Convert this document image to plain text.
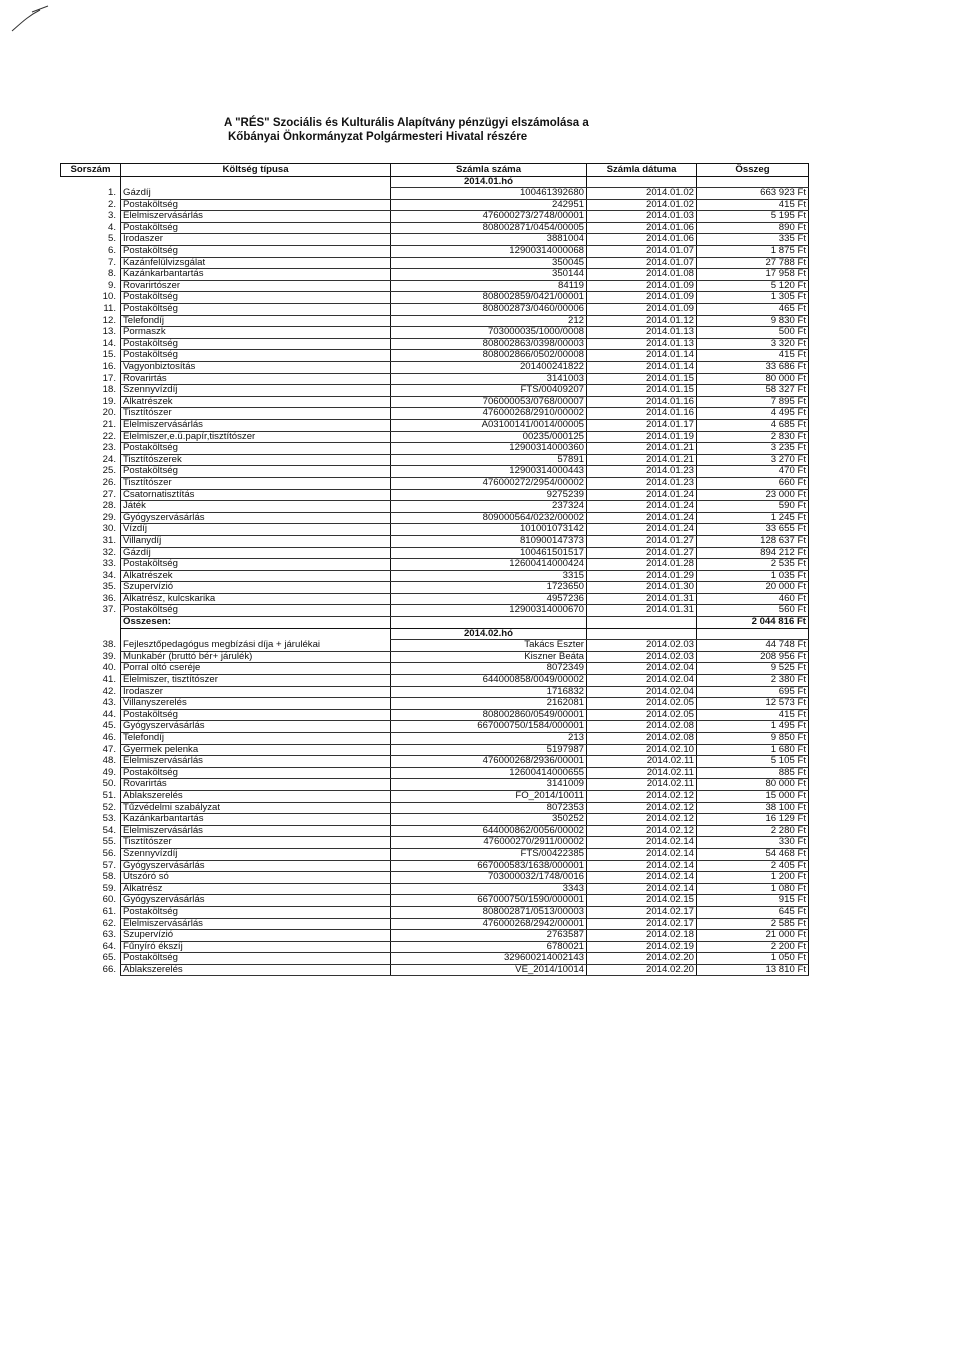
A "RÉS" Szociális és Kulturális Alapítvány pénzügyi elszámolása a
Kőbányai Önkormányzat Polgármesteri Hivatal részére
Sorszám	Költség típusa	Számla száma	Számla dátuma	Összeg
		2014.01.hó		
1.	Gázdíj	100461392680	2014.01.02	663 923 Ft
2.	Postaköltség	242951	2014.01.02	415 Ft
3.	Élelmiszervásárlás	476000273/2748/00001	2014.01.03	5 195 Ft
4.	Postaköltség	808002871/0454/00005	2014.01.06	890 Ft
5.	Irodaszer	3881004	2014.01.06	335 Ft
6.	Postaköltség	12900314000068	2014.01.07	1 875 Ft
7.	Kazánfelülvizsgálat	350045	2014.01.07	27 788 Ft
8.	Kazánkarbantartás	350144	2014.01.08	17 958 Ft
9.	Rovarirtószer	84119	2014.01.09	5 120 Ft
10.	Postaköltség	808002859/0421/00001	2014.01.09	1 305 Ft
11.	Postaköltség	808002873/0460/00006	2014.01.09	465 Ft
12.	Telefondíj	212	2014.01.12	9 830 Ft
13.	Pormaszk	703000035/1000/0008	2014.01.13	500 Ft
14.	Postaköltség	808002863/0398/00003	2014.01.13	3 320 Ft
15.	Postaköltség	808002866/0502/00008	2014.01.14	415 Ft
16.	Vagyonbiztosítás	201400241822	2014.01.14	33 686 Ft
17.	Rovarirtás	3141003	2014.01.15	80 000 Ft
18.	Szennyvízdíj	FTS/00409207	2014.01.15	58 327 Ft
19.	Alkatrészek	706000053/0768/00007	2014.01.16	7 895 Ft
20.	Tisztítószer	476000268/2910/00002	2014.01.16	4 495 Ft
21.	Élelmiszervásárlás	A03100141/0014/00005	2014.01.17	4 685 Ft
22.	Élelmiszer,e.ü.papír,tisztítószer	00235/000125	2014.01.19	2 830 Ft
23.	Postaköltség	12900314000360	2014.01.21	3 235 Ft
24.	Tisztítószerek	57891	2014.01.21	3 270 Ft
25.	Postaköltség	12900314000443	2014.01.23	470 Ft
26.	Tisztítószer	476000272/2954/00002	2014.01.23	660 Ft
27.	Csatornatisztítás	9275239	2014.01.24	23 000 Ft
28.	Játék	237324	2014.01.24	590 Ft
29.	Gyógyszervásárlás	809000564/0232/00002	2014.01.24	1 245 Ft
30.	Vízdíj	101001073142	2014.01.24	33 655 Ft
31.	Villanydíj	810900147373	2014.01.27	128 637 Ft
32.	Gázdíj	100461501517	2014.01.27	894 212 Ft
33.	Postaköltség	12600414000424	2014.01.28	2 535 Ft
34.	Alkatrészek	3315	2014.01.29	1 035 Ft
35.	Szupervízió	1723650	2014.01.30	20 000 Ft
36.	Alkatrész, kulcskarika	4957236	2014.01.31	460 Ft
37.	Postaköltség	12900314000670	2014.01.31	560 Ft
	Összesen:			2 044 816 Ft
		2014.02.hó		
38.	Fejlesztőpedagógus megbízási díja + járulékai	Takács Eszter	2014.02.03	44 748 Ft
39.	Munkabér (bruttó bér+ járulék)	Kiszner Beáta	2014.02.03	208 956 Ft
40.	Porral oltó cseréje	8072349	2014.02.04	9 525 Ft
41.	Élelmiszer, tisztítószer	644000858/0049/00002	2014.02.04	2 380 Ft
42.	Irodaszer	1716832	2014.02.04	695 Ft
43.	Villanyszerelés	2162081	2014.02.05	12 573 Ft
44.	Postaköltség	808002860/0549/00001	2014.02.05	415 Ft
45.	Gyógyszervásárlás	667000750/1584/000001	2014.02.08	1 495 Ft
46.	Telefondíj	213	2014.02.08	9 850 Ft
47.	Gyermek pelenka	5197987	2014.02.10	1 680 Ft
48.	Élelmiszervásárlás	476000268/2936/00001	2014.02.11	5 105 Ft
49.	Postaköltség	12600414000655	2014.02.11	885 Ft
50.	Rovarirtás	3141009	2014.02.11	80 000 Ft
51.	Ablakszerelés	FO_2014/10011	2014.02.12	15 000 Ft
52.	Tűzvédelmi szabályzat	8072353	2014.02.12	38 100 Ft
53.	Kazánkarbantartás	350252	2014.02.12	16 129 Ft
54.	Élelmiszervásárlás	644000862/0056/00002	2014.02.12	2 280 Ft
55.	Tisztítószer	476000270/2911/00002	2014.02.14	330 Ft
56.	Szennyvízdíj	FTS/00422385	2014.02.14	54 468 Ft
57.	Gyógyszervásárlás	667000583/1638/000001	2014.02.14	2 405 Ft
58.	Ütszóró só	703000032/1748/0016	2014.02.14	1 200 Ft
59.	Alkatrész	3343	2014.02.14	1 080 Ft
60.	Gyógyszervásárlás	667000750/1590/000001	2014.02.15	915 Ft
61.	Postaköltség	808002871/0513/00003	2014.02.17	645 Ft
62.	Élelmiszervásárlás	476000268/2942/00001	2014.02.17	2 585 Ft
63.	Szupervízió	2763587	2014.02.18	21 000 Ft
64.	Fűnyíró ékszíj	6780021	2014.02.19	2 200 Ft
65.	Postaköltség	329600214002143	2014.02.20	1 050 Ft
66.	Ablakszerelés	VE_2014/10014	2014.02.20	13 810 Ft
